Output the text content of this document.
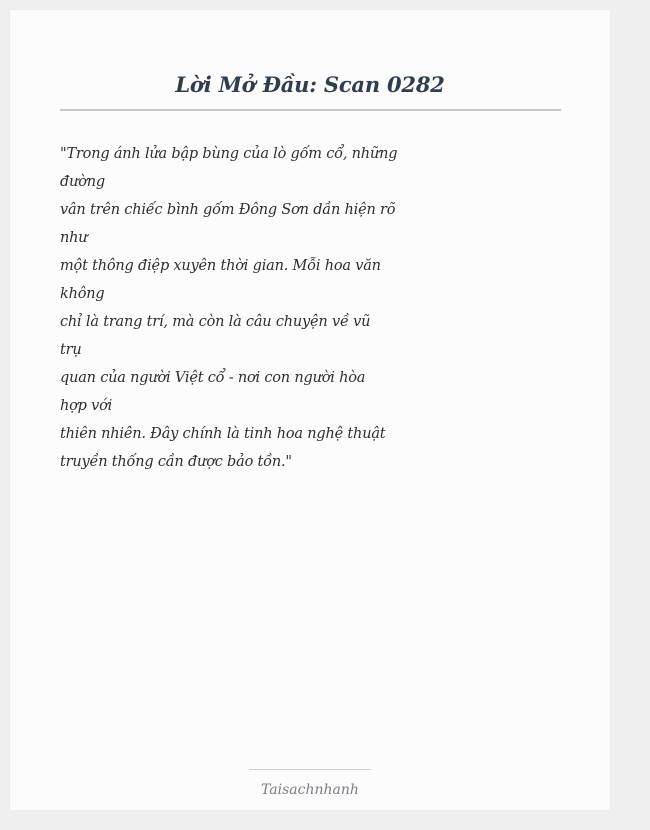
Lời Mở Đầu: Scan 0282
"Trong ánh lửa bập bùng của lò gốm cổ, những
đường
vân trên chiếc bình gốm Đông Sơn dần hiện rõ
như
một thông điệp xuyên thời gian. Mỗi hoa văn
không
chỉ là trang trí, mà còn là câu chuyện về vũ
trụ
quan của người Việt cổ - nơi con người hòa
hợp với
thiên nhiên. Đây chính là tinh hoa nghệ thuật
truyền thống cần được bảo tồn."
Taisachnhanh
